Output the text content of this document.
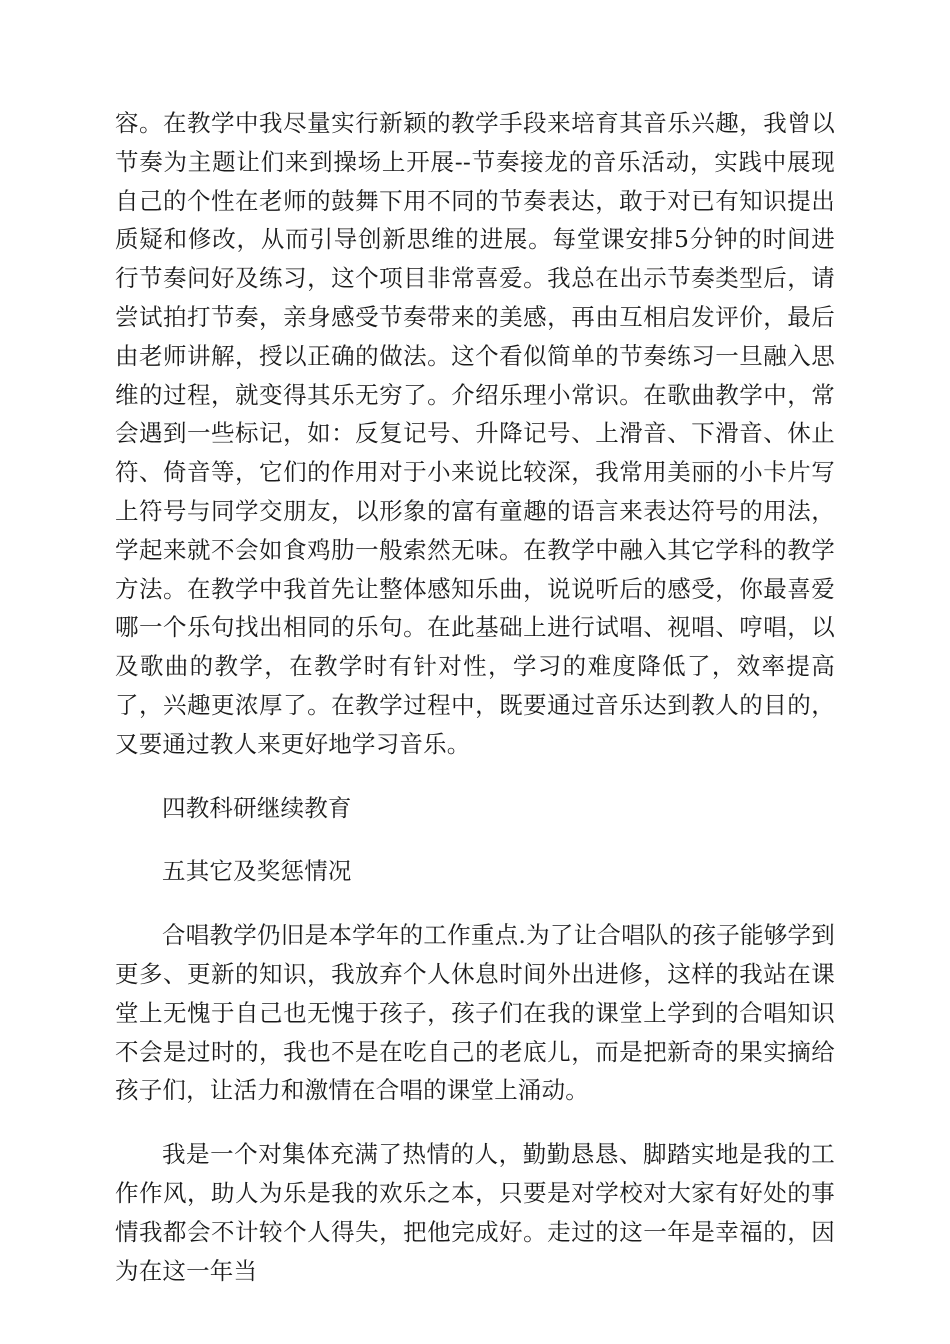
容。在教学中我尽量实行新颖的教学手段来培育其音乐兴趣，我曾以节奏为主题让们来到操场上开展--节奏接龙的音乐活动，实践中展现自己的个性在老师的鼓舞下用不同的节奏表达，敢于对已有知识提出质疑和修改，从而引导创新思维的进展。每堂课安排5分钟的时间进行节奏问好及练习，这个项目非常喜爱。我总在出示节奏类型后，请尝试拍打节奏，亲身感受节奏带来的美感，再由互相启发评价，最后由老师讲解，授以正确的做法。这个看似简单的节奏练习一旦融入思维的过程，就变得其乐无穷了。介绍乐理小常识。在歌曲教学中，常会遇到一些标记，如：反复记号、升降记号、上滑音、下滑音、休止符、倚音等，它们的作用对于小来说比较深，我常用美丽的小卡片写上符号与同学交朋友，以形象的富有童趣的语言来表达符号的用法，学起来就不会如食鸡肋一般索然无味。在教学中融入其它学科的教学方法。在教学中我首先让整体感知乐曲，说说听后的感受，你最喜爱哪一个乐句找出相同的乐句。在此基础上进行试唱、视唱、哼唱，以及歌曲的教学，在教学时有针对性，学习的难度降低了，效率提高了，兴趣更浓厚了。在教学过程中，既要通过音乐达到教人的目的，又要通过教人来更好地学习音乐。

四教科研继续教育

五其它及奖惩情况

合唱教学仍旧是本学年的工作重点.为了让合唱队的孩子能够学到更多、更新的知识，我放弃个人休息时间外出进修，这样的我站在课堂上无愧于自己也无愧于孩子，孩子们在我的课堂上学到的合唱知识不会是过时的，我也不是在吃自己的老底儿，而是把新奇的果实摘给孩子们，让活力和激情在合唱的课堂上涌动。

我是一个对集体充满了热情的人，勤勤恳恳、脚踏实地是我的工作作风，助人为乐是我的欢乐之本，只要是对学校对大家有好处的事情我都会不计较个人得失，把他完成好。走过的这一年是幸福的，因为在这一年当
